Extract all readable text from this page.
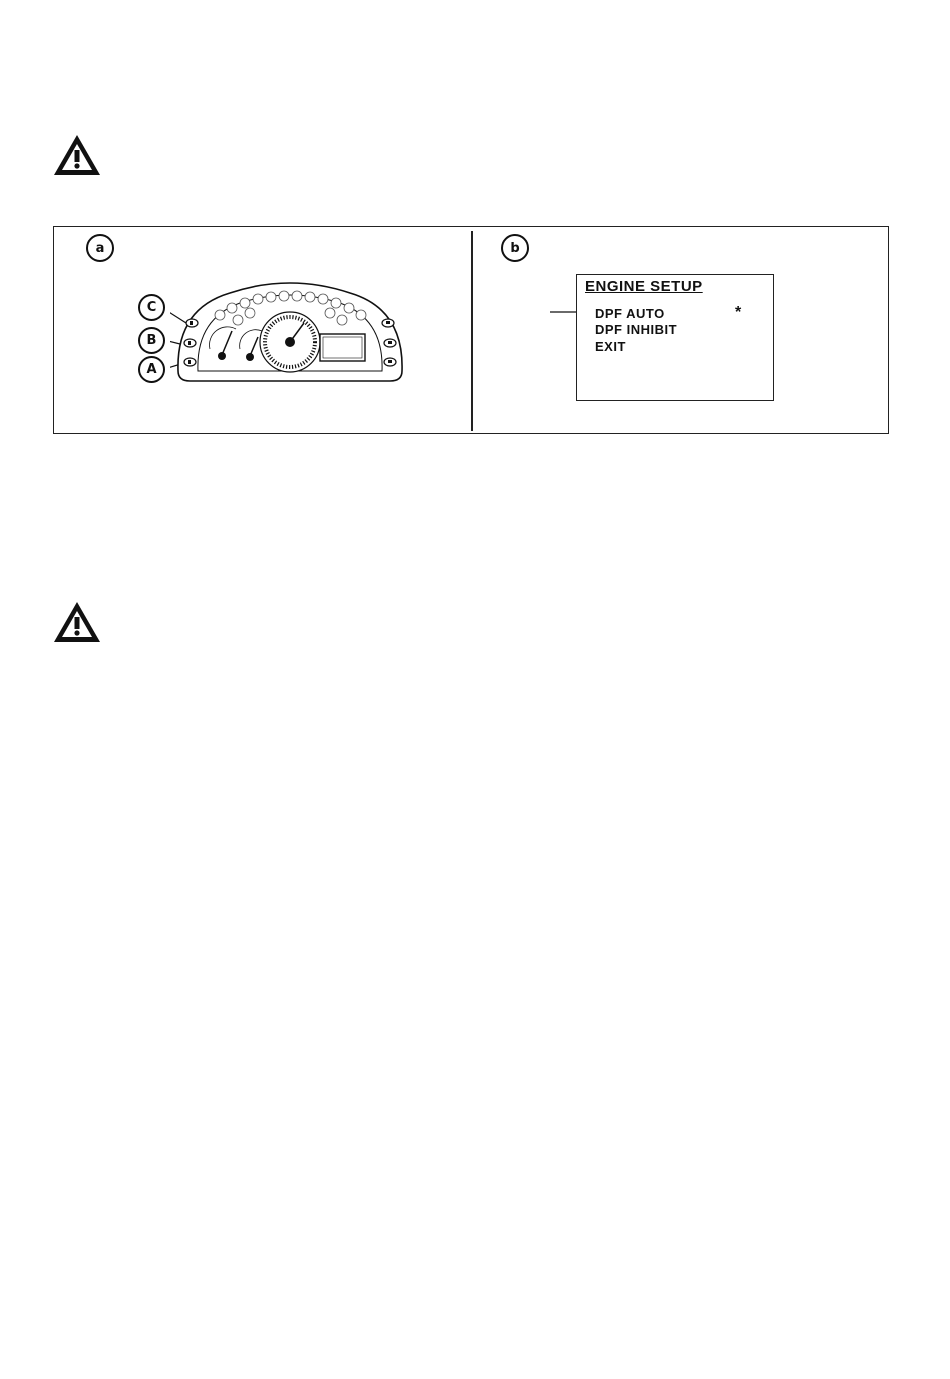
a
C
B
A
b
ENGINE SETUP
DPF AUTO
DPF INHIBIT
EXIT
*
